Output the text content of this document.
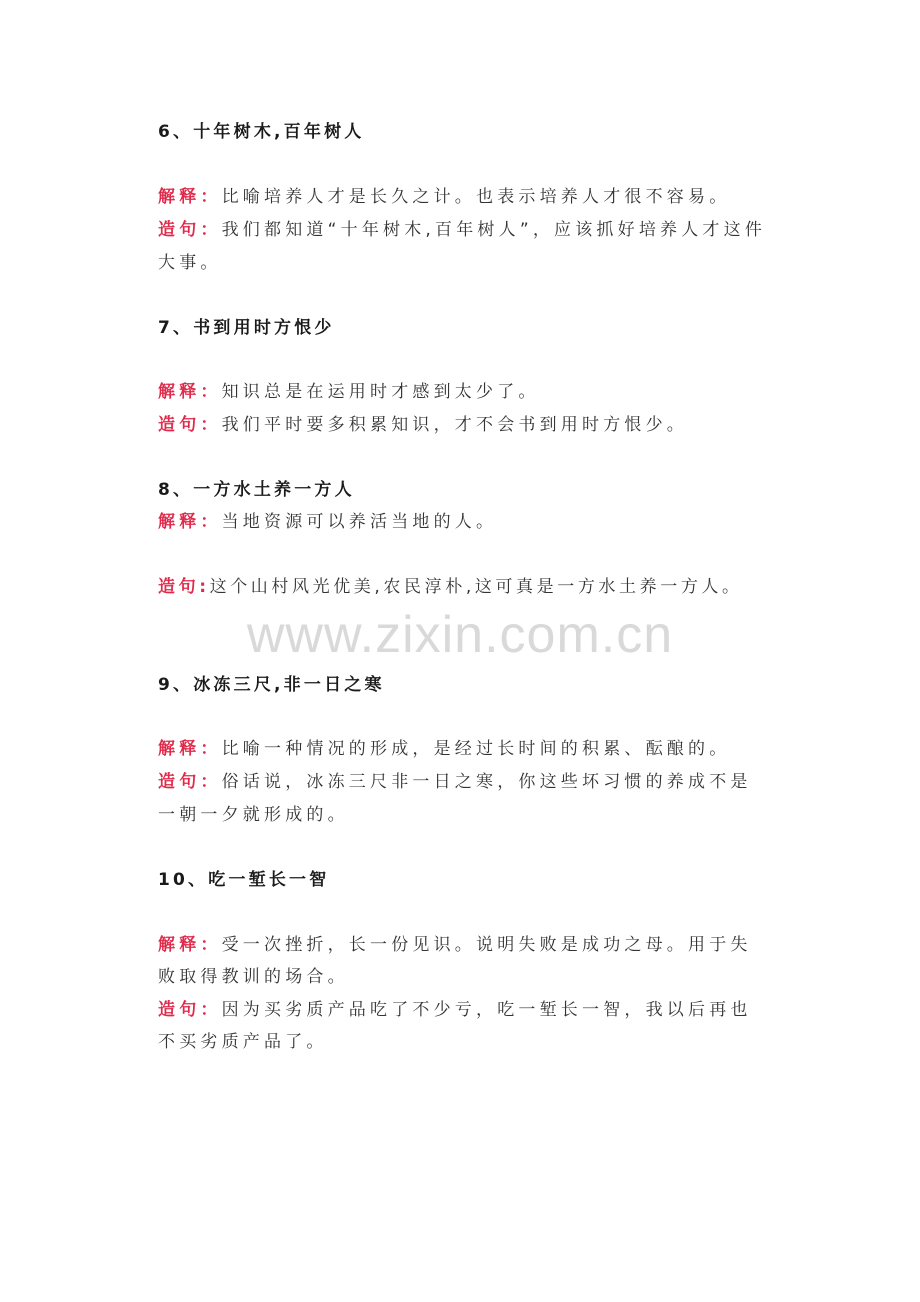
6、十年树木,百年树人
解释：比喻培养人才是长久之计。也表示培养人才很不容易。
造句：我们都知道“十年树木,百年树人”，应该抓好培养人才这件
大事。
7、书到用时方恨少
解释：知识总是在运用时才感到太少了。
造句：我们平时要多积累知识，才不会书到用时方恨少。
8、一方水土养一方人
解释：当地资源可以养活当地的人。
造句:这个山村风光优美,农民淳朴,这可真是一方水土养一方人。
www.zixin.com.cn
9、冰冻三尺,非一日之寒
解释：比喻一种情况的形成，是经过长时间的积累、酝酿的。
造句：俗话说，冰冻三尺非一日之寒，你这些坏习惯的养成不是
一朝一夕就形成的。
10、吃一堑长一智
解释：受一次挫折，长一份见识。说明失败是成功之母。用于失
败取得教训的场合。
造句：因为买劣质产品吃了不少亏，吃一堑长一智，我以后再也
不买劣质产品了。
